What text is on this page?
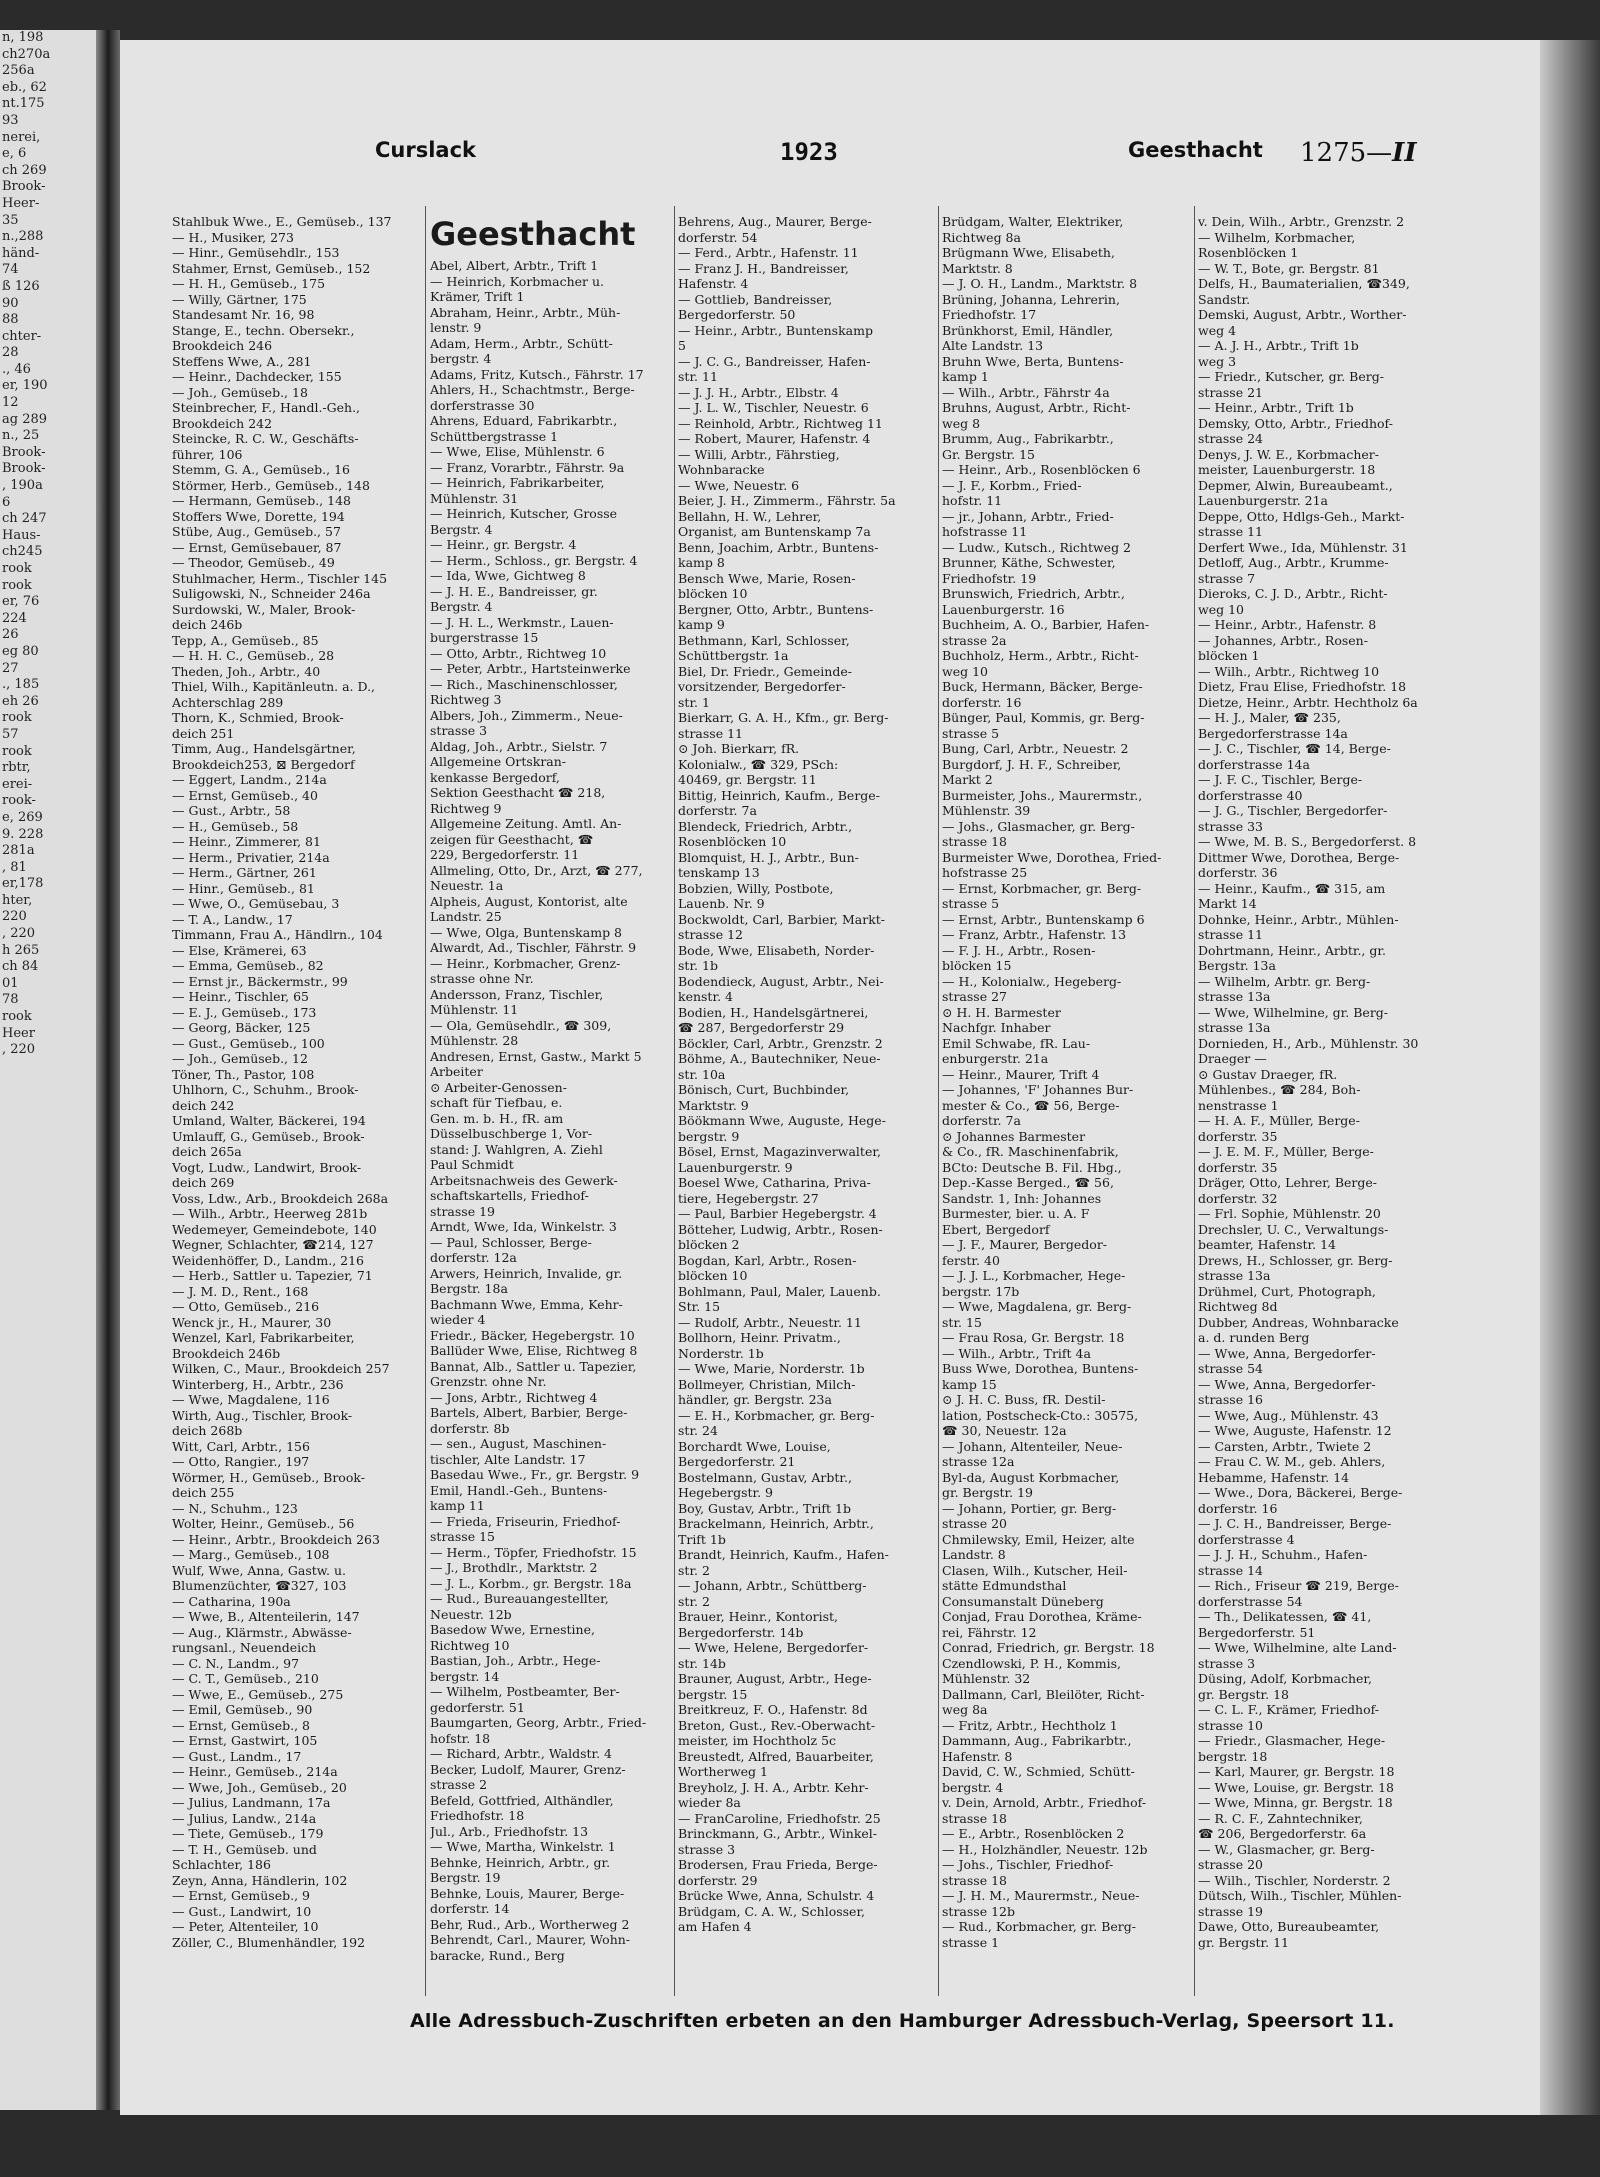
n, 198
ch270a
256a
eb., 62
nt.175
93
nerei,
e, 6
ch 269
Brook-
Heer-
35
n.,288
händ-
74
ß 126
90
88
chter-
28
., 46
er, 190
12
ag 289
n., 25
Brook-
Brook-
, 190a
6
ch 247
Haus-
ch245
rook
rook
er, 76
224
26
eg 80
27
., 185
eh 26
rook
57
rook
rbtr,
erei-
rook-
e, 269
9. 228
281a
, 81
er,178
hter,
220
, 220
h 265
ch 84
01
78
rook
Heer
, 220
Curslack	1923	Geesthacht 1275—II
Stahlbuk Wwe., E., Gemüseb., 137
— H., Musiker, 273
— Hinr., Gemüsehdlr., 153
Stahmer, Ernst, Gemüseb., 152
— H. H., Gemüseb., 175
— Willy, Gärtner, 175
Standesamt Nr. 16, 98
Stange, E., techn. Obersekr.,
Brookdeich 246
Steffens Wwe, A., 281
— Heinr., Dachdecker, 155
— Joh., Gemüseb., 18
Steinbrecher, F., Handl.-Geh.,
Brookdeich 242
Steincke, R. C. W., Geschäfts-
führer, 106
Stemm, G. A., Gemüseb., 16
Störmer, Herb., Gemüseb., 148
— Hermann, Gemüseb., 148
Stoffers Wwe, Dorette, 194
Stübe, Aug., Gemüseb., 57
— Ernst, Gemüsebauer, 87
— Theodor, Gemüseb., 49
Stuhlmacher, Herm., Tischler 145
Suligowski, N., Schneider 246a
Surdowski, W., Maler, Brook-
deich 246b
Tepp, A., Gemüseb., 85
— H. H. C., Gemüseb., 28
Theden, Joh., Arbtr., 40
Thiel, Wilh., Kapitänleutn. a. D.,
Achterschlag 289
Thorn, K., Schmied, Brook-
deich 251
Timm, Aug., Handelsgärtner,
Brookdeich253, ⊠ Bergedorf
— Eggert, Landm., 214a
— Ernst, Gemüseb., 40
— Gust., Arbtr., 58
— H., Gemüseb., 58
— Heinr., Zimmerer, 81
— Herm., Privatier, 214a
— Herm., Gärtner, 261
— Hinr., Gemüseb., 81
— Wwe, O., Gemüsebau, 3
— T. A., Landw., 17
Timmann, Frau A., Händlrn., 104
— Else, Krämerei, 63
— Emma, Gemüseb., 82
— Ernst jr., Bäckermstr., 99
— Heinr., Tischler, 65
— E. J., Gemüseb., 173
— Georg, Bäcker, 125
— Gust., Gemüseb., 100
— Joh., Gemüseb., 12
Töner, Th., Pastor, 108
Uhlhorn, C., Schuhm., Brook-
deich 242
Umland, Walter, Bäckerei, 194
Umlauff, G., Gemüseb., Brook-
deich 265a
Vogt, Ludw., Landwirt, Brook-
deich 269
Voss, Ldw., Arb., Brookdeich 268a
— Wilh., Arbtr., Heerweg 281b
Wedemeyer, Gemeindebote, 140
Wegner, Schlachter, ☎214, 127
Weidenhöffer, D., Landm., 216
— Herb., Sattler u. Tapezier, 71
— J. M. D., Rent., 168
— Otto, Gemüseb., 216
Wenck jr., H., Maurer, 30
Wenzel, Karl, Fabrikarbeiter,
Brookdeich 246b
Wilken, C., Maur., Brookdeich 257
Winterberg, H., Arbtr., 236
— Wwe, Magdalene, 116
Wirth, Aug., Tischler, Brook-
deich 268b
Witt, Carl, Arbtr., 156
— Otto, Rangier., 197
Wörmer, H., Gemüseb., Brook-
deich 255
— N., Schuhm., 123
Wolter, Heinr., Gemüseb., 56
— Heinr., Arbtr., Brookdeich 263
— Marg., Gemüseb., 108
Wulf, Wwe, Anna, Gastw. u.
Blumenzüchter, ☎327, 103
— Catharina, 190a
— Wwe, B., Altenteilerin, 147
— Aug., Klärmstr., Abwässe-
rungsanl., Neuendeich
— C. N., Landm., 97
— C. T., Gemüseb., 210
— Wwe, E., Gemüseb., 275
— Emil, Gemüseb., 90
— Ernst, Gemüseb., 8
— Ernst, Gastwirt, 105
— Gust., Landm., 17
— Heinr., Gemüseb., 214a
— Wwe, Joh., Gemüseb., 20
— Julius, Landmann, 17a
— Julius, Landw., 214a
— Tiete, Gemüseb., 179
— T. H., Gemüseb. und
Schlachter, 186
Zeyn, Anna, Händlerin, 102
— Ernst, Gemüseb., 9
— Gust., Landwirt, 10
— Peter, Altenteiler, 10
Zöller, C., Blumenhändler, 192
Geesthacht
Abel, Albert, Arbtr., Trift 1
— Heinrich, Korbmacher u.
Krämer, Trift 1
Abraham, Heinr., Arbtr., Müh-
lenstr. 9
Adam, Herm., Arbtr., Schütt-
bergstr. 4
Adams, Fritz, Kutsch., Fährstr. 17
Ahlers, H., Schachtmstr., Berge-
dorferstrasse 30
Ahrens, Eduard, Fabrikarbtr.,
Schüttbergstrasse 1
— Wwe, Elise, Mühlenstr. 6
— Franz, Vorarbtr., Fährstr. 9a
— Heinrich, Fabrikarbeiter,
Mühlenstr. 31
— Heinrich, Kutscher, Grosse
Bergstr. 4
— Heinr., gr. Bergstr. 4
— Herm., Schloss., gr. Bergstr. 4
— Ida, Wwe, Gichtweg 8
— J. H. E., Bandreisser, gr.
Bergstr. 4
— J. H. L., Werkmstr., Lauen-
burgerstrasse 15
— Otto, Arbtr., Richtweg 10
— Peter, Arbtr., Hartsteinwerke
— Rich., Maschinenschlosser,
Richtweg 3
Albers, Joh., Zimmerm., Neue-
strasse 3
Aldag, Joh., Arbtr., Sielstr. 7
Allgemeine Ortskran-
kenkasse Bergedorf,
Sektion Geesthacht ☎ 218,
Richtweg 9
Allgemeine Zeitung. Amtl. An-
zeigen für Geesthacht, ☎
229, Bergedorferstr. 11
Allmeling, Otto, Dr., Arzt, ☎ 277,
Neuestr. 1a
Alpheis, August, Kontorist, alte
Landstr. 25
— Wwe, Olga, Buntenskamp 8
Alwardt, Ad., Tischler, Fährstr. 9
— Heinr., Korbmacher, Grenz-
strasse ohne Nr.
Andersson, Franz, Tischler,
Mühlenstr. 11
— Ola, Gemüsehdlr., ☎ 309,
Mühlenstr. 28
Andresen, Ernst, Gastw., Markt 5
Arbeiter
⊙ Arbeiter-Genossen-
schaft für Tiefbau, e.
Gen. m. b. H., fR. am
Düsselbuschberge 1, Vor-
stand: J. Wahlgren, A. Ziehl
Paul Schmidt
Arbeitsnachweis des Gewerk-
schaftskartells, Friedhof-
strasse 19
Arndt, Wwe, Ida, Winkelstr. 3
— Paul, Schlosser, Berge-
dorferstr. 12a
Arwers, Heinrich, Invalide, gr.
Bergstr. 18a
Bachmann Wwe, Emma, Kehr-
wieder 4
Friedr., Bäcker, Hegebergstr. 10
Ballüder Wwe, Elise, Richtweg 8
Bannat, Alb., Sattler u. Tapezier,
Grenzstr. ohne Nr.
— Jons, Arbtr., Richtweg 4
Bartels, Albert, Barbier, Berge-
dorferstr. 8b
— sen., August, Maschinen-
tischler, Alte Landstr. 17
Basedau Wwe., Fr., gr. Bergstr. 9
Emil, Handl.-Geh., Buntens-
kamp 11
— Frieda, Friseurin, Friedhof-
strasse 15
— Herm., Töpfer, Friedhofstr. 15
— J., Brothdlr., Marktstr. 2
— J. L., Korbm., gr. Bergstr. 18a
— Rud., Bureauangestellter,
Neuestr. 12b
Basedow Wwe, Ernestine,
Richtweg 10
Bastian, Joh., Arbtr., Hege-
bergstr. 14
— Wilhelm, Postbeamter, Ber-
gedorferstr. 51
Baumgarten, Georg, Arbtr., Fried-
hofstr. 18
— Richard, Arbtr., Waldstr. 4
Becker, Ludolf, Maurer, Grenz-
strasse 2
Befeld, Gottfried, Althändler,
Friedhofstr. 18
Jul., Arb., Friedhofstr. 13
— Wwe, Martha, Winkelstr. 1
Behnke, Heinrich, Arbtr., gr.
Bergstr. 19
Behnke, Louis, Maurer, Berge-
dorferstr. 14
Behr, Rud., Arb., Wortherweg 2
Behrendt, Carl., Maurer, Wohn-
baracke, Rund., Berg
Behrens, Aug., Maurer, Berge-
dorferstr. 54
— Ferd., Arbtr., Hafenstr. 11
— Franz J. H., Bandreisser,
Hafenstr. 4
— Gottlieb, Bandreisser,
Bergedorferstr. 50
— Heinr., Arbtr., Buntenskamp
5
— J. C. G., Bandreisser, Hafen-
str. 11
— J. J. H., Arbtr., Elbstr. 4
— J. L. W., Tischler, Neuestr. 6
— Reinhold, Arbtr., Richtweg 11
— Robert, Maurer, Hafenstr. 4
— Willi, Arbtr., Fährstieg,
Wohnbaracke
— Wwe, Neuestr. 6
Beier, J. H., Zimmerm., Fährstr. 5a
Bellahn, H. W., Lehrer,
Organist, am Buntenskamp 7a
Benn, Joachim, Arbtr., Buntens-
kamp 8
Bensch Wwe, Marie, Rosen-
blöcken 10
Bergner, Otto, Arbtr., Buntens-
kamp 9
Bethmann, Karl, Schlosser,
Schüttbergstr. 1a
Biel, Dr. Friedr., Gemeinde-
vorsitzender, Bergedorfer-
str. 1
Bierkarr, G. A. H., Kfm., gr. Berg-
strasse 11
⊙ Joh. Bierkarr, fR.
Kolonialw., ☎ 329, PSch:
40469, gr. Bergstr. 11
Bittig, Heinrich, Kaufm., Berge-
dorferstr. 7a
Blendeck, Friedrich, Arbtr.,
Rosenblöcken 10
Blomquist, H. J., Arbtr., Bun-
tenskamp 13
Bobzien, Willy, Postbote,
Lauenb. Nr. 9
Bockwoldt, Carl, Barbier, Markt-
strasse 12
Bode, Wwe, Elisabeth, Norder-
str. 1b
Bodendieck, August, Arbtr., Nei-
kenstr. 4
Bodien, H., Handelsgärtnerei,
☎ 287, Bergedorferstr 29
Böckler, Carl, Arbtr., Grenzstr. 2
Böhme, A., Bautechniker, Neue-
str. 10a
Bönisch, Curt, Buchbinder,
Marktstr. 9
Böökmann Wwe, Auguste, Hege-
bergstr. 9
Bösel, Ernst, Magazinverwalter,
Lauenburgerstr. 9
Boesel Wwe, Catharina, Priva-
tiere, Hegebergstr. 27
— Paul, Barbier Hegebergstr. 4
Bötteher, Ludwig, Arbtr., Rosen-
blöcken 2
Bogdan, Karl, Arbtr., Rosen-
blöcken 10
Bohlmann, Paul, Maler, Lauenb.
Str. 15
— Rudolf, Arbtr., Neuestr. 11
Bollhorn, Heinr. Privatm.,
Norderstr. 1b
— Wwe, Marie, Norderstr. 1b
Bollmeyer, Christian, Milch-
händler, gr. Bergstr. 23a
— E. H., Korbmacher, gr. Berg-
str. 24
Borchardt Wwe, Louise,
Bergedorferstr. 21
Bostelmann, Gustav, Arbtr.,
Hegebergstr. 9
Boy, Gustav, Arbtr., Trift 1b
Brackelmann, Heinrich, Arbtr.,
Trift 1b
Brandt, Heinrich, Kaufm., Hafen-
str. 2
— Johann, Arbtr., Schüttberg-
str. 2
Brauer, Heinr., Kontorist,
Bergedorferstr. 14b
— Wwe, Helene, Bergedorfer-
str. 14b
Brauner, August, Arbtr., Hege-
bergstr. 15
Breitkreuz, F. O., Hafenstr. 8d
Breton, Gust., Rev.-Oberwacht-
meister, im Hochtholz 5c
Breustedt, Alfred, Bauarbeiter,
Wortherweg 1
Breyholz, J. H. A., Arbtr. Kehr-
wieder 8a
— FranCaroline, Friedhofstr. 25
Brinckmann, G., Arbtr., Winkel-
strasse 3
Brodersen, Frau Frieda, Berge-
dorferstr. 29
Brücke Wwe, Anna, Schulstr. 4
Brüdgam, C. A. W., Schlosser,
am Hafen 4
Brüdgam, Walter, Elektriker,
Richtweg 8a
Brügmann Wwe, Elisabeth,
Marktstr. 8
— J. O. H., Landm., Marktstr. 8
Brüning, Johanna, Lehrerin,
Friedhofstr. 17
Brünkhorst, Emil, Händler,
Alte Landstr. 13
Bruhn Wwe, Berta, Buntens-
kamp 1
— Wilh., Arbtr., Fährstr 4a
Bruhns, August, Arbtr., Richt-
weg 8
Brumm, Aug., Fabrikarbtr.,
Gr. Bergstr. 15
— Heinr., Arb., Rosenblöcken 6
— J. F., Korbm., Fried-
hofstr. 11
— jr., Johann, Arbtr., Fried-
hofstrasse 11
— Ludw., Kutsch., Richtweg 2
Brunner, Käthe, Schwester,
Friedhofstr. 19
Brunswich, Friedrich, Arbtr.,
Lauenburgerstr. 16
Buchheim, A. O., Barbier, Hafen-
strasse 2a
Buchholz, Herm., Arbtr., Richt-
weg 10
Buck, Hermann, Bäcker, Berge-
dorferstr. 16
Bünger, Paul, Kommis, gr. Berg-
strasse 5
Bung, Carl, Arbtr., Neuestr. 2
Burgdorf, J. H. F., Schreiber,
Markt 2
Burmeister, Johs., Maurermstr.,
Mühlenstr. 39
— Johs., Glasmacher, gr. Berg-
strasse 18
Burmeister Wwe, Dorothea, Fried-
hofstrasse 25
— Ernst, Korbmacher, gr. Berg-
strasse 5
— Ernst, Arbtr., Buntenskamp 6
— Franz, Arbtr., Hafenstr. 13
— F. J. H., Arbtr., Rosen-
blöcken 15
— H., Kolonialw., Hegeberg-
strasse 27
⊙ H. H. Barmester
Nachfgr. Inhaber
Emil Schwabe, fR. Lau-
enburgerstr. 21a
— Heinr., Maurer, Trift 4
— Johannes, 'F' Johannes Bur-
mester & Co., ☎ 56, Berge-
dorferstr. 7a
⊙ Johannes Barmester
& Co., fR. Maschinenfabrik,
BCto: Deutsche B. Fil. Hbg.,
Dep.-Kasse Berged., ☎ 56,
Sandstr. 1, Inh: Johannes
Burmester, bier. u. A. F
Ebert, Bergedorf
— J. F., Maurer, Bergedor-
ferstr. 40
— J. J. L., Korbmacher, Hege-
bergstr. 17b
— Wwe, Magdalena, gr. Berg-
str. 15
— Frau Rosa, Gr. Bergstr. 18
— Wilh., Arbtr., Trift 4a
Buss Wwe, Dorothea, Buntens-
kamp 15
⊙ J. H. C. Buss, fR. Destil-
lation, Postscheck-Cto.: 30575,
☎ 30, Neuestr. 12a
— Johann, Altenteiler, Neue-
strasse 12a
Byl-da, August Korbmacher,
gr. Bergstr. 19
— Johann, Portier, gr. Berg-
strasse 20
Chmilewsky, Emil, Heizer, alte
Landstr. 8
Clasen, Wilh., Kutscher, Heil-
stätte Edmundsthal
Consumanstalt Düneberg
Conjad, Frau Dorothea, Kräme-
rei, Fährstr. 12
Conrad, Friedrich, gr. Bergstr. 18
Czendlowski, P. H., Kommis,
Mühlenstr. 32
Dallmann, Carl, Bleilöter, Richt-
weg 8a
— Fritz, Arbtr., Hechtholz 1
Dammann, Aug., Fabrikarbtr.,
Hafenstr. 8
David, C. W., Schmied, Schütt-
bergstr. 4
v. Dein, Arnold, Arbtr., Friedhof-
strasse 18
— E., Arbtr., Rosenblöcken 2
— H., Holzhändler, Neuestr. 12b
— Johs., Tischler, Friedhof-
strasse 18
— J. H. M., Maurermstr., Neue-
strasse 12b
— Rud., Korbmacher, gr. Berg-
strasse 1
v. Dein, Wilh., Arbtr., Grenzstr. 2
— Wilhelm, Korbmacher,
Rosenblöcken 1
— W. T., Bote, gr. Bergstr. 81
Delfs, H., Baumaterialien, ☎349,
Sandstr.
Demski, August, Arbtr., Worther-
weg 4
— A. J. H., Arbtr., Trift 1b
weg 3
— Friedr., Kutscher, gr. Berg-
strasse 21
— Heinr., Arbtr., Trift 1b
Demsky, Otto, Arbtr., Friedhof-
strasse 24
Denys, J. W. E., Korbmacher-
meister, Lauenburgerstr. 18
Depmer, Alwin, Bureaubeamt.,
Lauenburgerstr. 21a
Deppe, Otto, Hdlgs-Geh., Markt-
strasse 11
Derfert Wwe., Ida, Mühlenstr. 31
Detloff, Aug., Arbtr., Krumme-
strasse 7
Dieroks, C. J. D., Arbtr., Richt-
weg 10
— Heinr., Arbtr., Hafenstr. 8
— Johannes, Arbtr., Rosen-
blöcken 1
— Wilh., Arbtr., Richtweg 10
Dietz, Frau Elise, Friedhofstr. 18
Dietze, Heinr., Arbtr. Hechtholz 6a
— H. J., Maler, ☎ 235,
Bergedorferstrasse 14a
— J. C., Tischler, ☎ 14, Berge-
dorferstrasse 14a
— J. F. C., Tischler, Berge-
dorferstrasse 40
— J. G., Tischler, Bergedorfer-
strasse 33
— Wwe, M. B. S., Bergedorferst. 8
Dittmer Wwe, Dorothea, Berge-
dorferstr. 36
— Heinr., Kaufm., ☎ 315, am
Markt 14
Dohnke, Heinr., Arbtr., Mühlen-
strasse 11
Dohrtmann, Heinr., Arbtr., gr.
Bergstr. 13a
— Wilhelm, Arbtr. gr. Berg-
strasse 13a
— Wwe, Wilhelmine, gr. Berg-
strasse 13a
Dornieden, H., Arb., Mühlenstr. 30
Draeger —
⊙ Gustav Draeger, fR.
Mühlenbes., ☎ 284, Boh-
nenstrasse 1
— H. A. F., Müller, Berge-
dorferstr. 35
— J. E. M. F., Müller, Berge-
dorferstr. 35
Dräger, Otto, Lehrer, Berge-
dorferstr. 32
— Frl. Sophie, Mühlenstr. 20
Drechsler, U. C., Verwaltungs-
beamter, Hafenstr. 14
Drews, H., Schlosser, gr. Berg-
strasse 13a
Drühmel, Curt, Photograph,
Richtweg 8d
Dubber, Andreas, Wohnbaracke
a. d. runden Berg
— Wwe, Anna, Bergedorfer-
strasse 54
— Wwe, Anna, Bergedorfer-
strasse 16
— Wwe, Aug., Mühlenstr. 43
— Wwe, Auguste, Hafenstr. 12
— Carsten, Arbtr., Twiete 2
— Frau C. W. M., geb. Ahlers,
Hebamme, Hafenstr. 14
— Wwe., Dora, Bäckerei, Berge-
dorferstr. 16
— J. C. H., Bandreisser, Berge-
dorferstrasse 4
— J. J. H., Schuhm., Hafen-
strasse 14
— Rich., Friseur ☎ 219, Berge-
dorferstrasse 54
— Th., Delikatessen, ☎ 41,
Bergedorferstr. 51
— Wwe, Wilhelmine, alte Land-
strasse 3
Düsing, Adolf, Korbmacher,
gr. Bergstr. 18
— C. L. F., Krämer, Friedhof-
strasse 10
— Friedr., Glasmacher, Hege-
bergstr. 18
— Karl, Maurer, gr. Bergstr. 18
— Wwe, Louise, gr. Bergstr. 18
— Wwe, Minna, gr. Bergstr. 18
— R. C. F., Zahntechniker,
☎ 206, Bergedorferstr. 6a
— W., Glasmacher, gr. Berg-
strasse 20
— Wilh., Tischler, Norderstr. 2
Dütsch, Wilh., Tischler, Mühlen-
strasse 19
Dawe, Otto, Bureaubeamter,
gr. Bergstr. 11
Alle Adressbuch-Zuschriften erbeten an den Hamburger Adressbuch-Verlag, Speersort 11.
